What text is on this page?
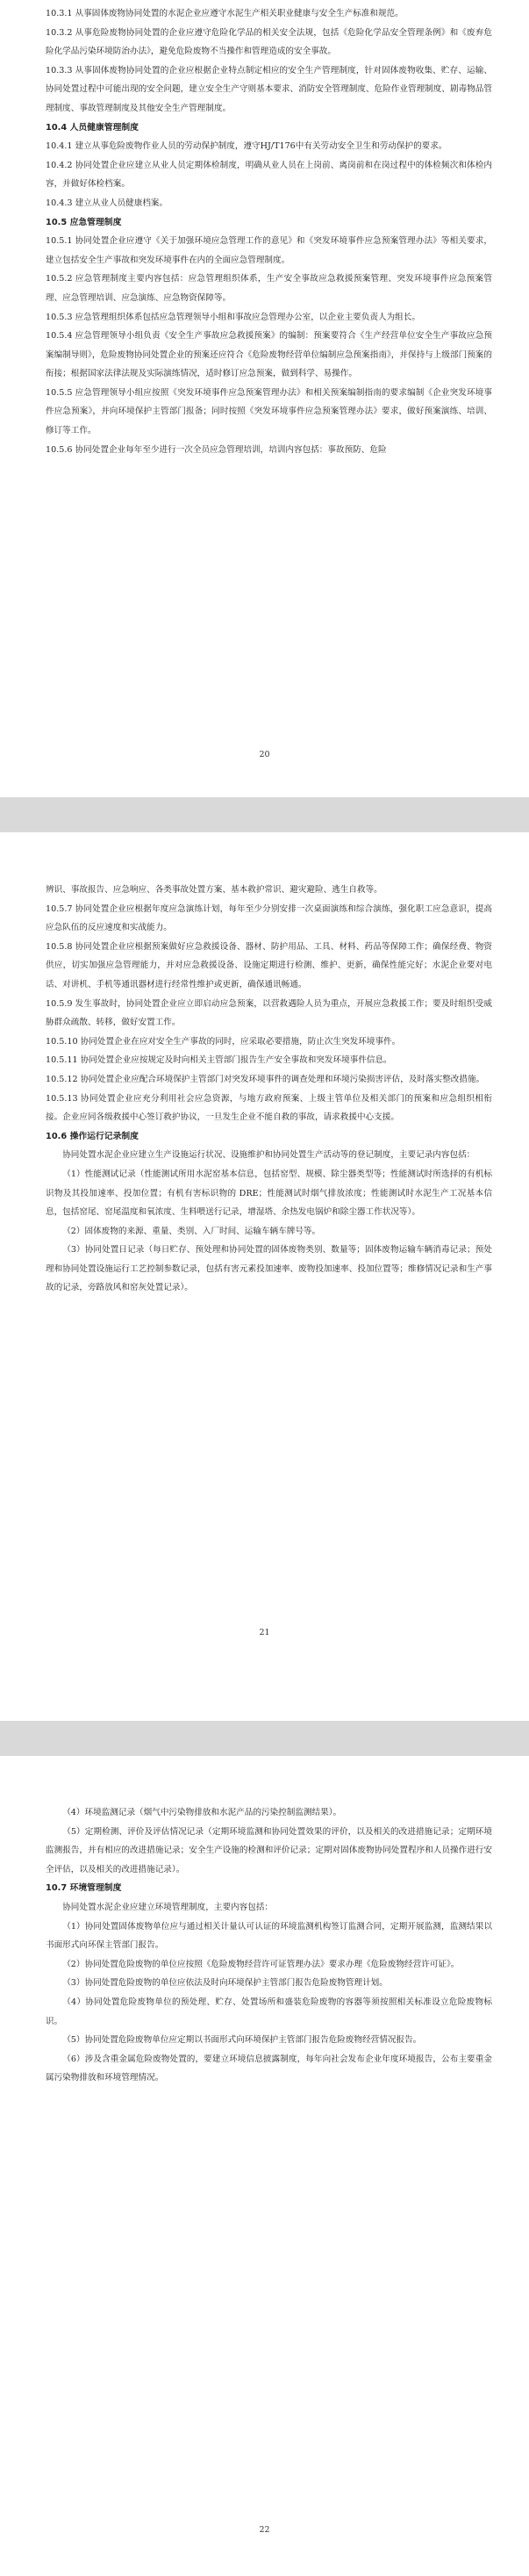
10.3.1 从事固体废物协同处置的水泥企业应遵守水泥生产相关职业健康与安全生产标准和规范。

10.3.2 从事危险废物协同处置的企业应遵守危险化学品的相关安全法规，包括《危险化学品安全管理条例》和《废弃危险化学品污染环境防治办法》，避免危险废物不当操作和管理造成的安全事故。

10.3.3 从事固体废物协同处置的企业应根据企业特点制定相应的安全生产管理制度，针对固体废物收集、贮存、运输、协同处置过程中可能出现的安全问题，建立安全生产守则基本要求、消防安全管理制度、危险作业管理制度、剧毒物品管理制度、事故管理制度及其他安全生产管理制度。

10.4 人员健康管理制度

10.4.1 建立从事危险废物作业人员的劳动保护制度，遵守HJ/T176中有关劳动安全卫生和劳动保护的要求。

10.4.2 协同处置企业应建立从业人员定期体检制度，明确从业人员在上岗前、离岗前和在岗过程中的体检频次和体检内容，并做好体检档案。

10.4.3 建立从业人员健康档案。

10.5 应急管理制度

10.5.1 协同处置企业应遵守《关于加强环境应急管理工作的意见》和《突发环境事件应急预案管理办法》等相关要求，建立包括安全生产事故和突发环境事件在内的全面应急管理制度。

10.5.2 应急管理制度主要内容包括：应急管理组织体系，生产安全事故应急救援预案管理、突发环境事件应急预案管理、应急管理培训、应急演练、应急物资保障等。

10.5.3 应急管理组织体系包括应急管理领导小组和事故应急管理办公室，以企业主要负责人为组长。

10.5.4 应急管理领导小组负责《安全生产事故应急救援预案》的编制：预案要符合《生产经营单位安全生产事故应急预案编制导则》，危险废物协同处置企业的预案还应符合《危险废物经营单位编制应急预案指南》，并保持与上级部门预案的衔接；根据国家法律法规及实际演练情况，适时修订应急预案，做到科学、易操作。

10.5.5 应急管理领导小组应按照《突发环境事件应急预案管理办法》和相关预案编制指南的要求编制《企业突发环境事件应急预案》，并向环境保护主管部门报备；同时按照《突发环境事件应急预案管理办法》要求，做好预案演练、培训、修订等工作。

10.5.6 协同处置企业每年至少进行一次全员应急管理培训，培训内容包括：事故预防、危险

20

辨识、事故报告、应急响应、各类事故处置方案、基本救护常识、避灾避险、逃生自救等。

10.5.7 协同处置企业应根据年度应急演练计划，每年至少分别安排一次桌面演练和综合演练，强化职工应急意识，提高应急队伍的反应速度和实战能力。

10.5.8 协同处置企业应根据预案做好应急救援设备、器材、防护用品、工具、材料、药品等保障工作；确保经费、物资供应，切实加强应急管理能力，并对应急救援设备、设施定期进行检测、维护、更新，确保性能完好；水泥企业要对电话、对讲机、手机等通讯器材进行经常性维护或更新，确保通讯畅通。

10.5.9 发生事故时，协同处置企业应立即启动应急预案，以营救遇险人员为重点，开展应急救援工作；要及时组织受威胁群众疏散、转移，做好安置工作。

10.5.10 协同处置企业在应对安全生产事故的同时，应采取必要措施，防止次生突发环境事件。

10.5.11 协同处置企业应按规定及时向相关主管部门报告生产安全事故和突发环境事件信息。

10.5.12 协同处置企业应配合环境保护主管部门对突发环境事件的调查处理和环境污染损害评估，及时落实整改措施。

10.5.13 协同处置企业应充分利用社会应急资源，与地方政府预案、上级主管单位及相关部门的预案和应急组织相衔接。企业应同各级救援中心签订救护协议，一旦发生企业不能自救的事故，请求救援中心支援。

10.6 操作运行记录制度

协同处置水泥企业应建立生产设施运行状况、设施维护和协同处置生产活动等的登记制度，主要记录内容包括：

（1）性能测试记录（性能测试所用水泥窑基本信息，包括窑型、规模、除尘器类型等；性能测试时所选择的有机标识物及其投加速率、投加位置；有机有害标识物的 DRE；性能测试时烟气排放浓度；性能测试时水泥生产工况基本信息，包括窑尾、窑尾温度和氧浓度、生料喂送行记录，增湿塔、余热发电锅炉和除尘器工作状况等）。

（2）固体废物的来源、重量、类别、入厂时间、运输车辆车牌号等。

（3）协同处置日记录（每日贮存、预处理和协同处置的固体废物类别、数量等；固体废物运输车辆消毒记录；预处理和协同处置设施运行工艺控制参数记录，包括有害元素投加速率、废物投加速率、投加位置等；维修情况记录和生产事故的记录，旁路放风和窑灰处置记录）。

21

（4）环境监测记录（烟气中污染物排放和水泥产品的污染控制监测结果）。

（5）定期检测、评价及评估情况记录（定期环境监测和协同处置效果的评价，以及相关的改进措施记录；定期环境监测报告，并有相应的改进措施记录；安全生产设施的检测和评价记录；定期对固体废物协同处置程序和人员操作进行安全评估，以及相关的改进措施记录）。

10.7 环境管理制度

协同处置水泥企业应建立环境管理制度，主要内容包括：

（1）协同处置固体废物单位应与通过相关计量认可认证的环境监测机构签订监测合同，定期开展监测，监测结果以书面形式向环保主管部门报告。

（2）协同处置危险废物的单位应按照《危险废物经营许可证管理办法》要求办理《危险废物经营许可证》。

（3）协同处置危险废物的单位应依法及时向环境保护主管部门报告危险废物管理计划。

（4）协同处置危险废物单位的预处理、贮存、处置场所和盛装危险废物的容器等须按照相关标准设立危险废物标识。

（5）协同处置危险废物单位应定期以书面形式向环境保护主管部门报告危险废物经营情况报告。

（6）涉及含重金属危险废物处置的，要建立环境信息披露制度，每年向社会发布企业年度环境报告，公布主要重金属污染物排放和环境管理情况。

22
